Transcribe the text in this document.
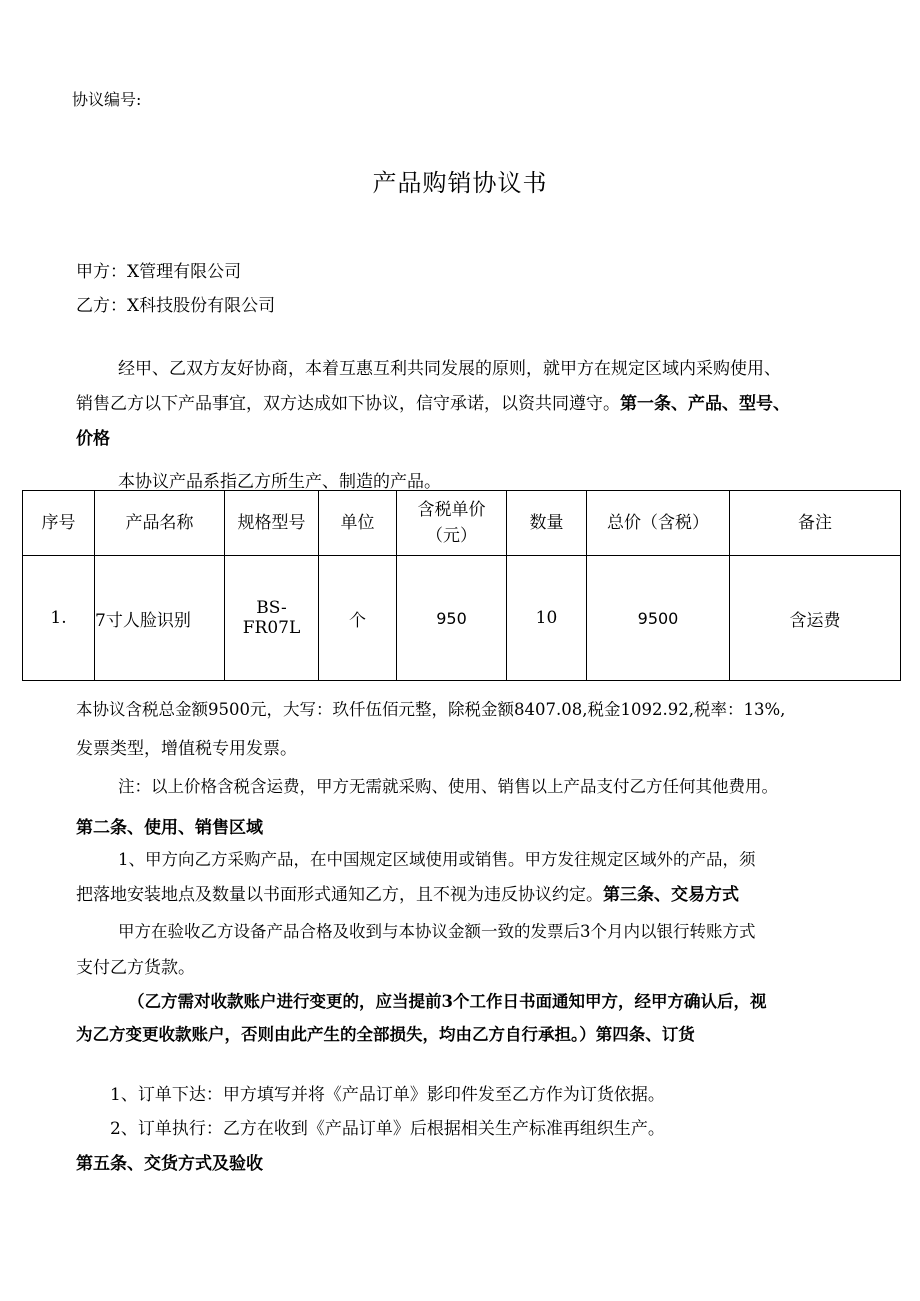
协议编号:
产品购销协议书
甲方：X管理有限公司
乙方：X科技股份有限公司
经甲、乙双方友好协商，本着互惠互利共同发展的原则，就甲方在规定区域内采购使用、
销售乙方以下产品事宜，双方达成如下协议，信守承诺，以资共同遵守。第一条、产品、型号、
价格
本协议产品系指乙方所生产、制造的产品。
序号	产品名称	规格型号	单位	含税单价
（元）	数量	总价（含税）	备注
1.	7寸人脸识别	BS-FR07L	个	950	10	9500	含运费
本协议含税总金额9500元，大写：玖仟伍佰元整，除税金额8407.08,税金1092.92,税率：13%,
发票类型，增值税专用发票。
注：以上价格含税含运费，甲方无需就采购、使用、销售以上产品支付乙方任何其他费用。
第二条、使用、销售区域
1、甲方向乙方采购产品，在中国规定区域使用或销售。甲方发往规定区域外的产品，须
把落地安装地点及数量以书面形式通知乙方，且不视为违反协议约定。第三条、交易方式
甲方在验收乙方设备产品合格及收到与本协议金额一致的发票后3个月内以银行转账方式
支付乙方货款。
（乙方需对收款账户进行变更的，应当提前3个工作日书面通知甲方，经甲方确认后，视
为乙方变更收款账户，否则由此产生的全部损失，均由乙方自行承担。）第四条、订货
1、订单下达：甲方填写并将《产品订单》影印件发至乙方作为订货依据。
2、订单执行：乙方在收到《产品订单》后根据相关生产标准再组织生产。
第五条、交货方式及验收
